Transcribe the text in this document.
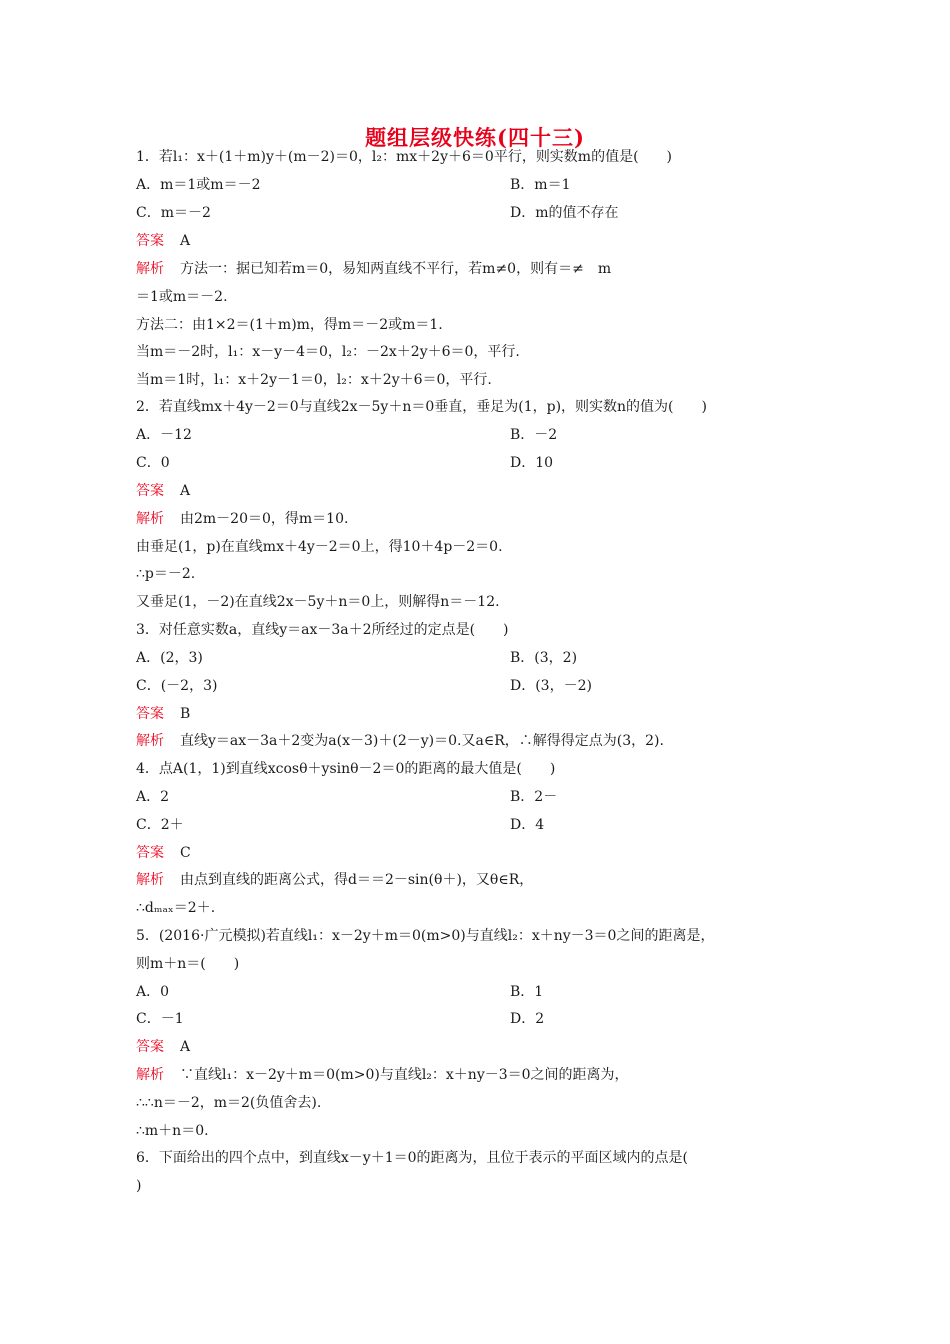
题组层级快练(四十三)
1．若l₁：x＋(1＋m)y＋(m－2)＝0，l₂：mx＋2y＋6＝0平行，则实数m的值是(　　)
A．m＝1或m＝－2	B．m＝1
C．m＝－2	D．m的值不存在
答案 A
解析 方法一：据已知若m＝0，易知两直线不平行，若m≠0，则有＝≠　m
＝1或m＝－2.
方法二：由1×2＝(1＋m)m，得m＝－2或m＝1.
当m＝－2时，l₁：x－y－4＝0，l₂：－2x＋2y＋6＝0，平行.
当m＝1时，l₁：x＋2y－1＝0，l₂：x＋2y＋6＝0，平行.
2．若直线mx＋4y－2＝0与直线2x－5y＋n＝0垂直，垂足为(1，p)，则实数n的值为(　　)
A．－12	B．－2
C．0	D．10
答案 A
解析 由2m－20＝0，得m＝10.
由垂足(1，p)在直线mx＋4y－2＝0上，得10＋4p－2＝0.
∴p＝－2.
又垂足(1，－2)在直线2x－5y＋n＝0上，则解得n＝－12.
3．对任意实数a，直线y＝ax－3a＋2所经过的定点是(　　)
A．(2，3)	B．(3，2)
C．(－2，3)	D．(3，－2)
答案 B
解析 直线y＝ax－3a＋2变为a(x－3)＋(2－y)＝0.又a∈R，∴解得得定点为(3，2).
4．点A(1，1)到直线xcosθ＋ysinθ－2＝0的距离的最大值是(　　)
A．2	B．2－
C．2＋	D．4
答案 C
解析 由点到直线的距离公式，得d＝＝2－sin(θ＋)，又θ∈R，
∴dₘₐₓ＝2＋.
5．(2016·广元模拟)若直线l₁：x－2y＋m＝0(m>0)与直线l₂：x＋ny－3＝0之间的距离是，
则m＋n＝(　　)
A．0	B．1
C．－1	D．2
答案 A
解析 ∵直线l₁：x－2y＋m＝0(m>0)与直线l₂：x＋ny－3＝0之间的距离为，
∴∴n＝－2，m＝2(负值舍去).
∴m＋n＝0.
6．下面给出的四个点中，到直线x－y＋1＝0的距离为，且位于表示的平面区域内的点是(
)
